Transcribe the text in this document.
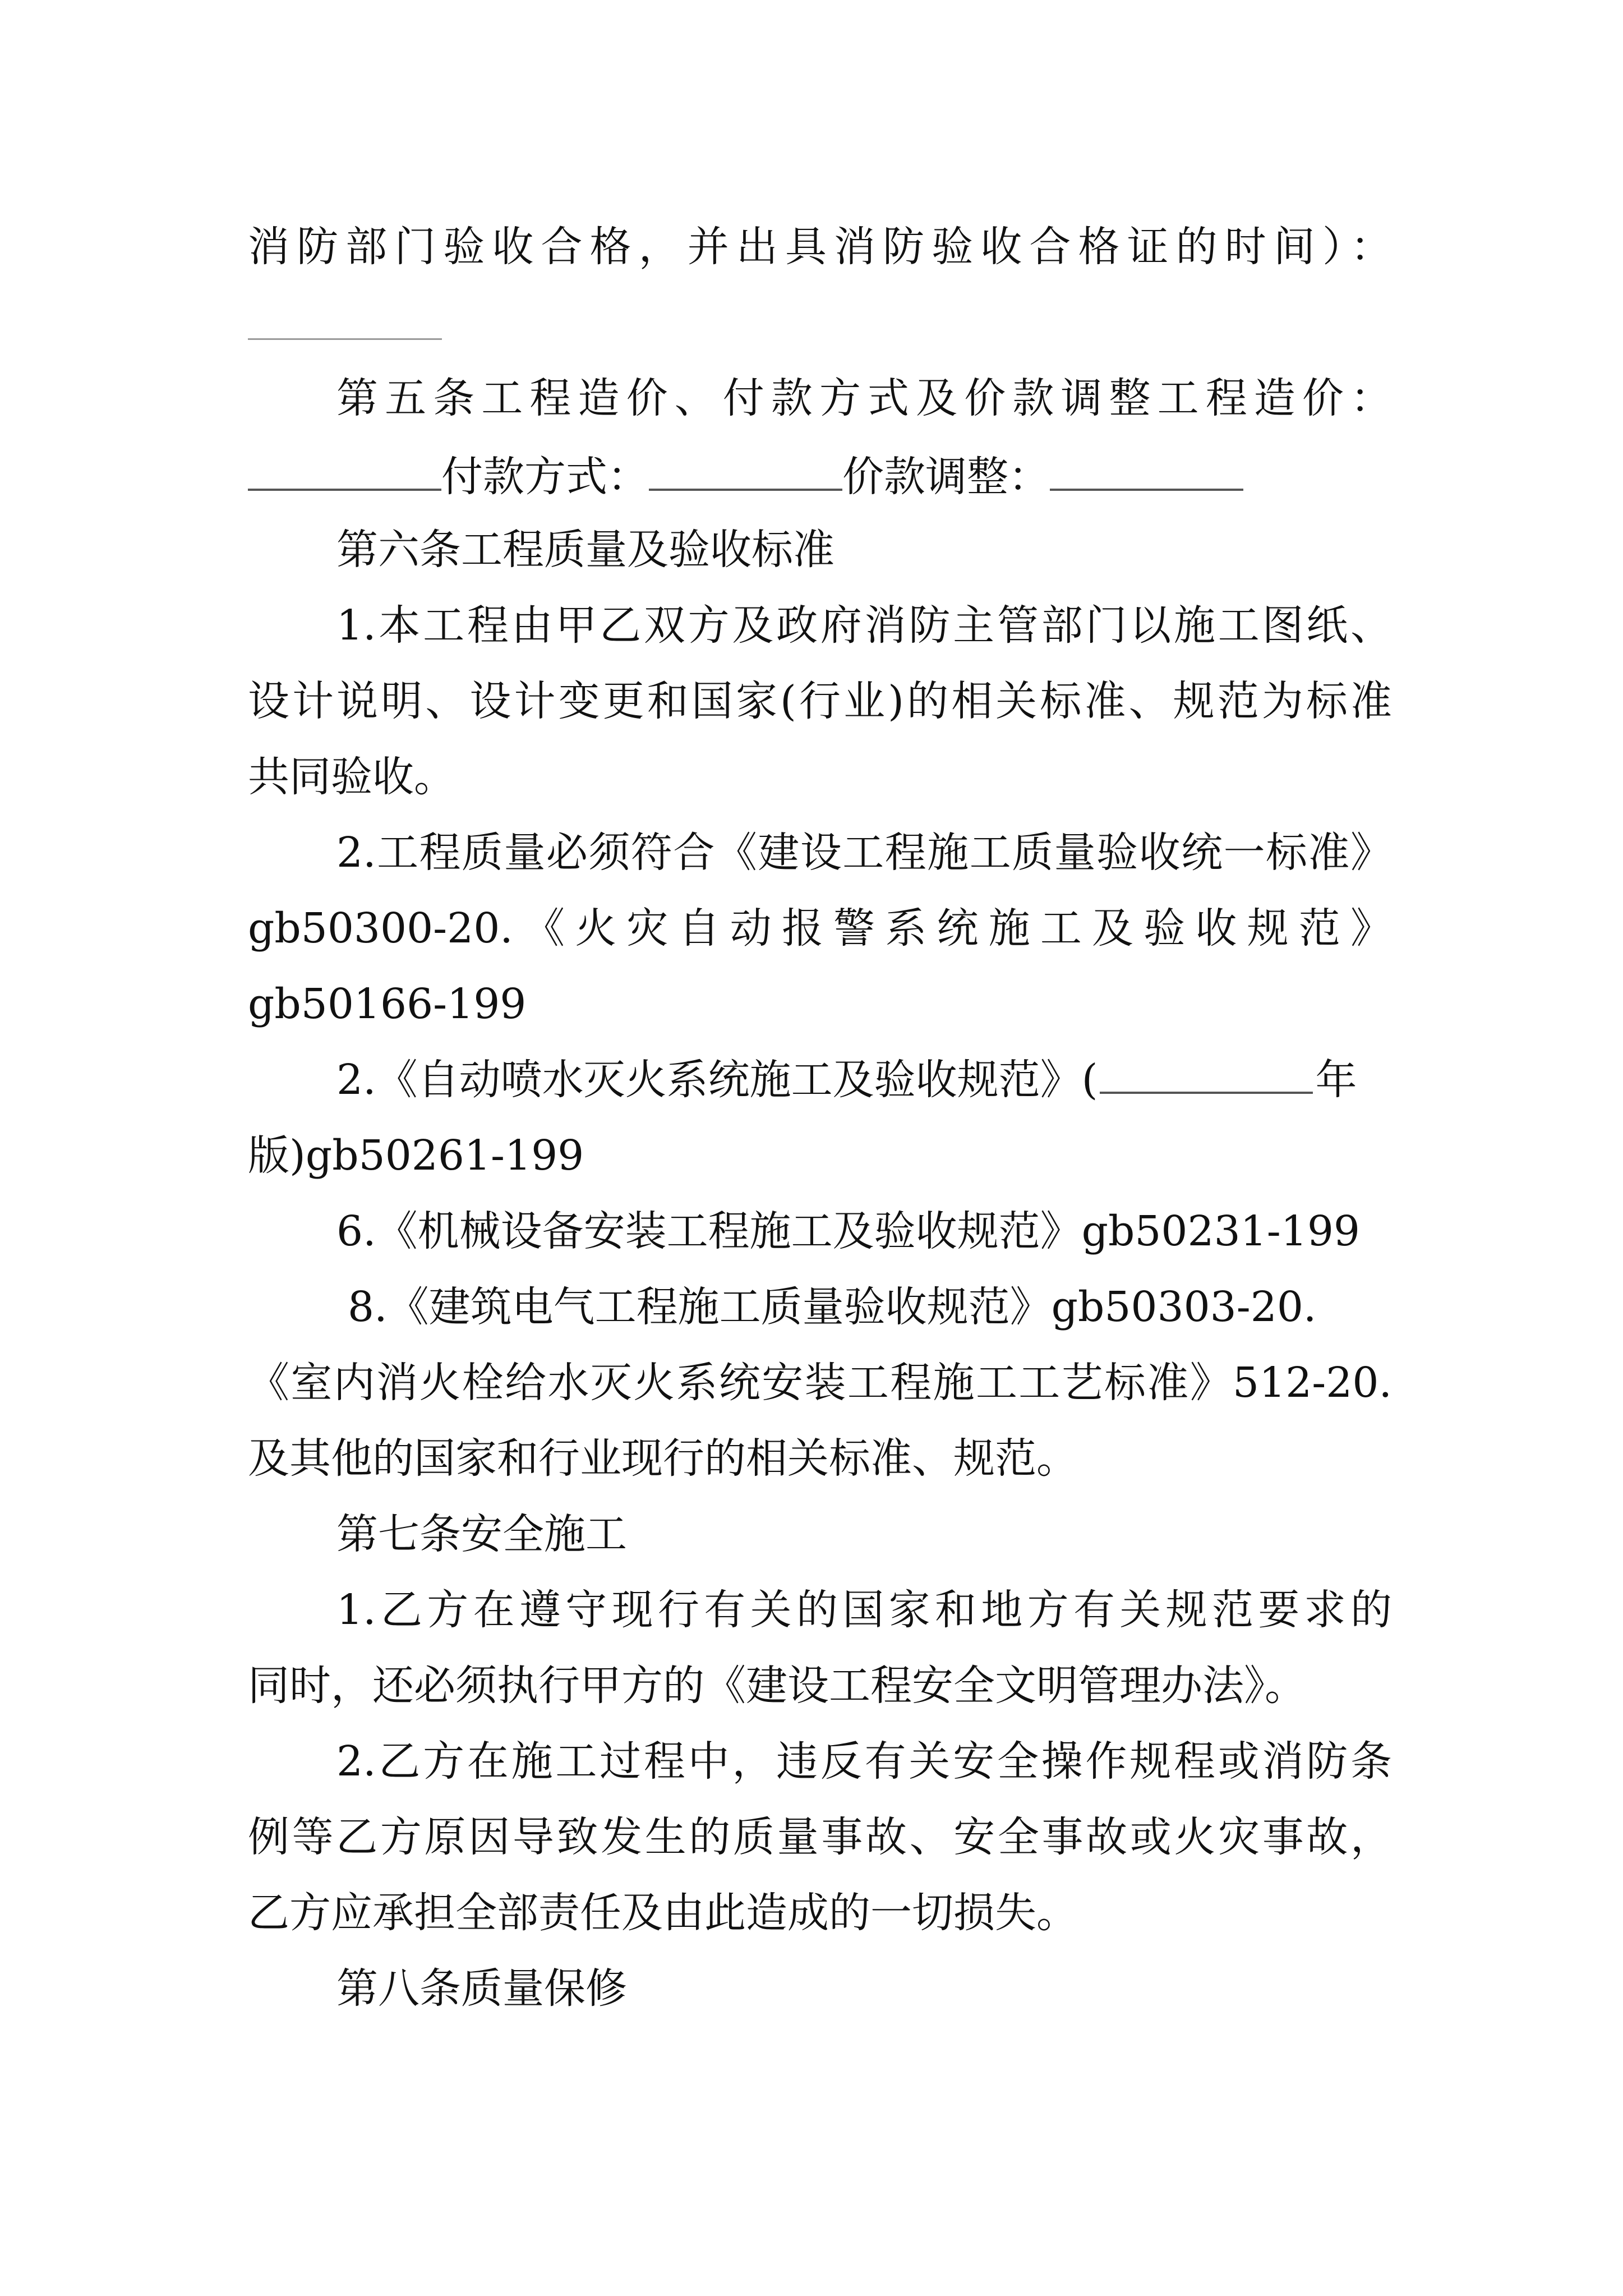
消防部门验收合格，并出具消防验收合格证的时间）：
第五条工程造价、付款方式及价款调整工程造价：
付款方式：	价款调整：
第六条工程质量及验收标准
1.本工程由甲乙双方及政府消防主管部门以施工图纸、
设计说明、设计变更和国家(行业)的相关标准、规范为标准
共同验收。
2.工程质量必须符合《建设工程施工质量验收统一标准》
gb50300-20.《火灾自动报警系统施工及验收规范》
gb50166-199
2.《自动喷水灭火系统施工及验收规范》(	年
版)gb50261-199
6.《机械设备安装工程施工及验收规范》gb50231-199
8.《建筑电气工程施工质量验收规范》gb50303-20.
《室内消火栓给水灭火系统安装工程施工工艺标准》512-20.
及其他的国家和行业现行的相关标准、规范。
第七条安全施工
1.乙方在遵守现行有关的国家和地方有关规范要求的
同时，还必须执行甲方的《建设工程安全文明管理办法》。
2.乙方在施工过程中，违反有关安全操作规程或消防条
例等乙方原因导致发生的质量事故、安全事故或火灾事故，
乙方应承担全部责任及由此造成的一切损失。
第八条质量保修
